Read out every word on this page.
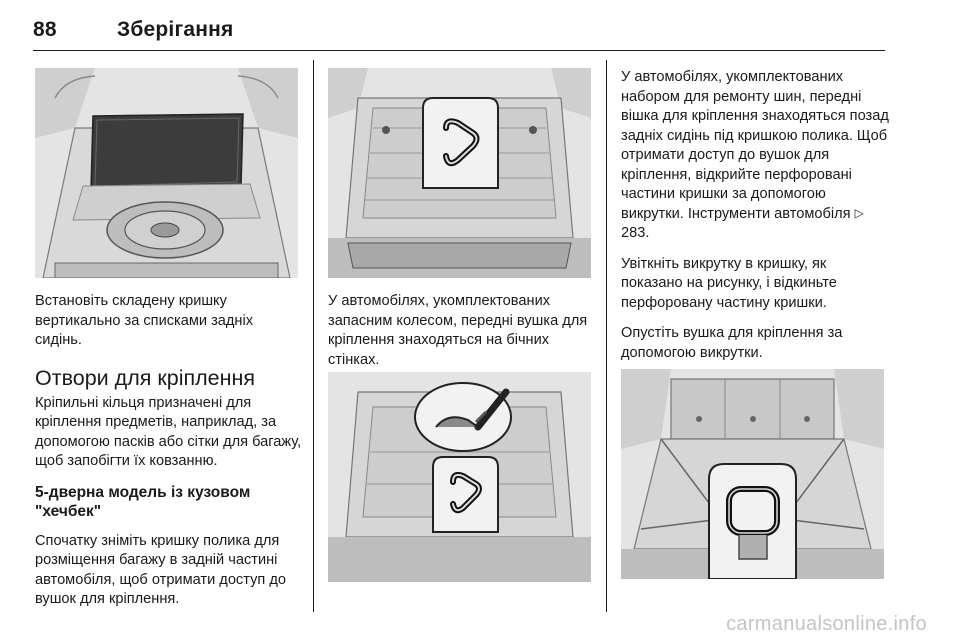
88	Зберігання

Встановіть складену кришку вертикально за списками задніх сидінь.

Отвори для кріплення

Кріпильні кільця призначені для кріплення предметів, наприклад, за допомогою пасків або сітки для багажу, щоб запобігти їх ковзанню.

5-дверна модель із кузовом "хечбек"

Спочатку зніміть кришку полика для розміщення багажу в задній частині автомобіля, щоб отримати доступ до вушок для кріплення.

У автомобілях, укомплектованих запасним колесом, передні вушка для кріплення знаходяться на бічних стінках.

У автомобілях, укомплектованих набором для ремонту шин, передні вішка для кріплення знаходяться позад задніх сидінь під кришкою полика. Щоб отримати доступ до вушок для кріплення, відкрийте перфоровані частини кришки за допомогою викрутки. Інструменти автомобіля ▷ 283.

Увіткніть викрутку в кришку, як показано на рисунку, і відкиньте перфоровану частину кришки.

Опустіть вушка для кріплення за допомогою викрутки.

carmanualsonline.info
